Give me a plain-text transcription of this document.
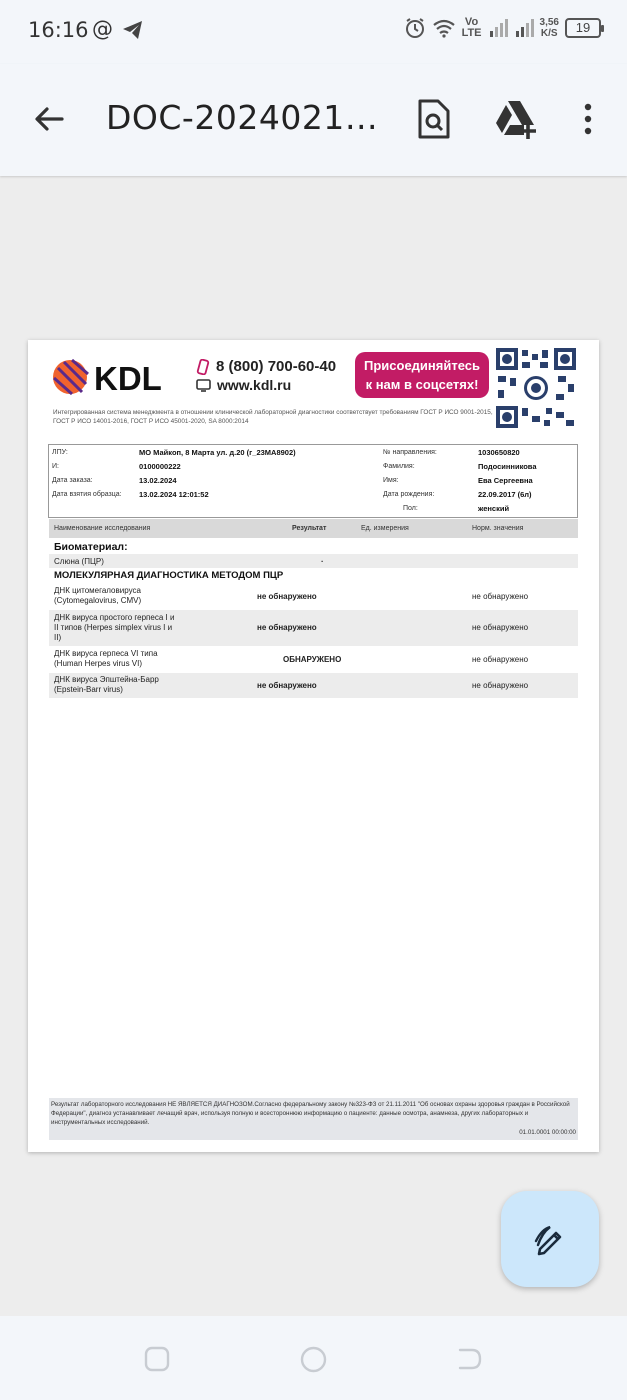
16:16 @	Vo
LTE
3,56
K/S	19
DOC-2024021…
KDL	8 (800) 700-60-40
www.kdl.ru
Присоединяйтесь
к нам в соцсетях!
Интегрированная система менеджмента в отношении клинической лабораторной диагностики соответствует требованиям ГОСТ Р ИСО 9001-2015, ГОСТ Р ИСО 14001-2016, ГОСТ Р ИСО 45001-2020, SA 8000:2014
ЛПУ:	МО Майкоп, 8 Марта ул. д.20 (г_23MA8902)
И:	0100000222
Дата заказа:	13.02.2024
Дата взятия образца: 13.02.2024 12:01:52
№ направления:	1030650820
Фамилия:	Подосинникова
Имя:	Ева Сергеевна
Дата рождения:	22.09.2017 (6л)
Пол:	женский
Наименование исследования	Результат	Ед. измерения	Норм. значения
Биоматериал:
Слюна (ПЦР)	.
МОЛЕКУЛЯРНАЯ ДИАГНОСТИКА МЕТОДОМ ПЦР
ДНК цитомегаловируса
(Cytomegalovirus, CMV)	не обнаружено	не обнаружено
ДНК вируса простого герпеса I и
II типов (Herpes simplex virus I и
II)
не обнаружено	не обнаружено
ДНК вируса герпеса VI типа
(Human Herpes virus VI)	ОБНАРУЖЕНО	не обнаружено
ДНК вируса Эпштейна-Барр
(Epstein-Barr virus)	не обнаружено	не обнаружено
Результат лабораторного исследования НЕ ЯВЛЯЕТСЯ ДИАГНОЗОМ.Согласно федеральному закону №323-ФЗ от 21.11.2011 "Об основах охраны здоровья граждан в Российской Федерации", диагноз устанавливает лечащий врач, используя полную и всестороннюю информацию о пациенте: данные осмотра, анамнеза, других лабораторных и инструментальных исследований.
01.01.0001 00:00:00
